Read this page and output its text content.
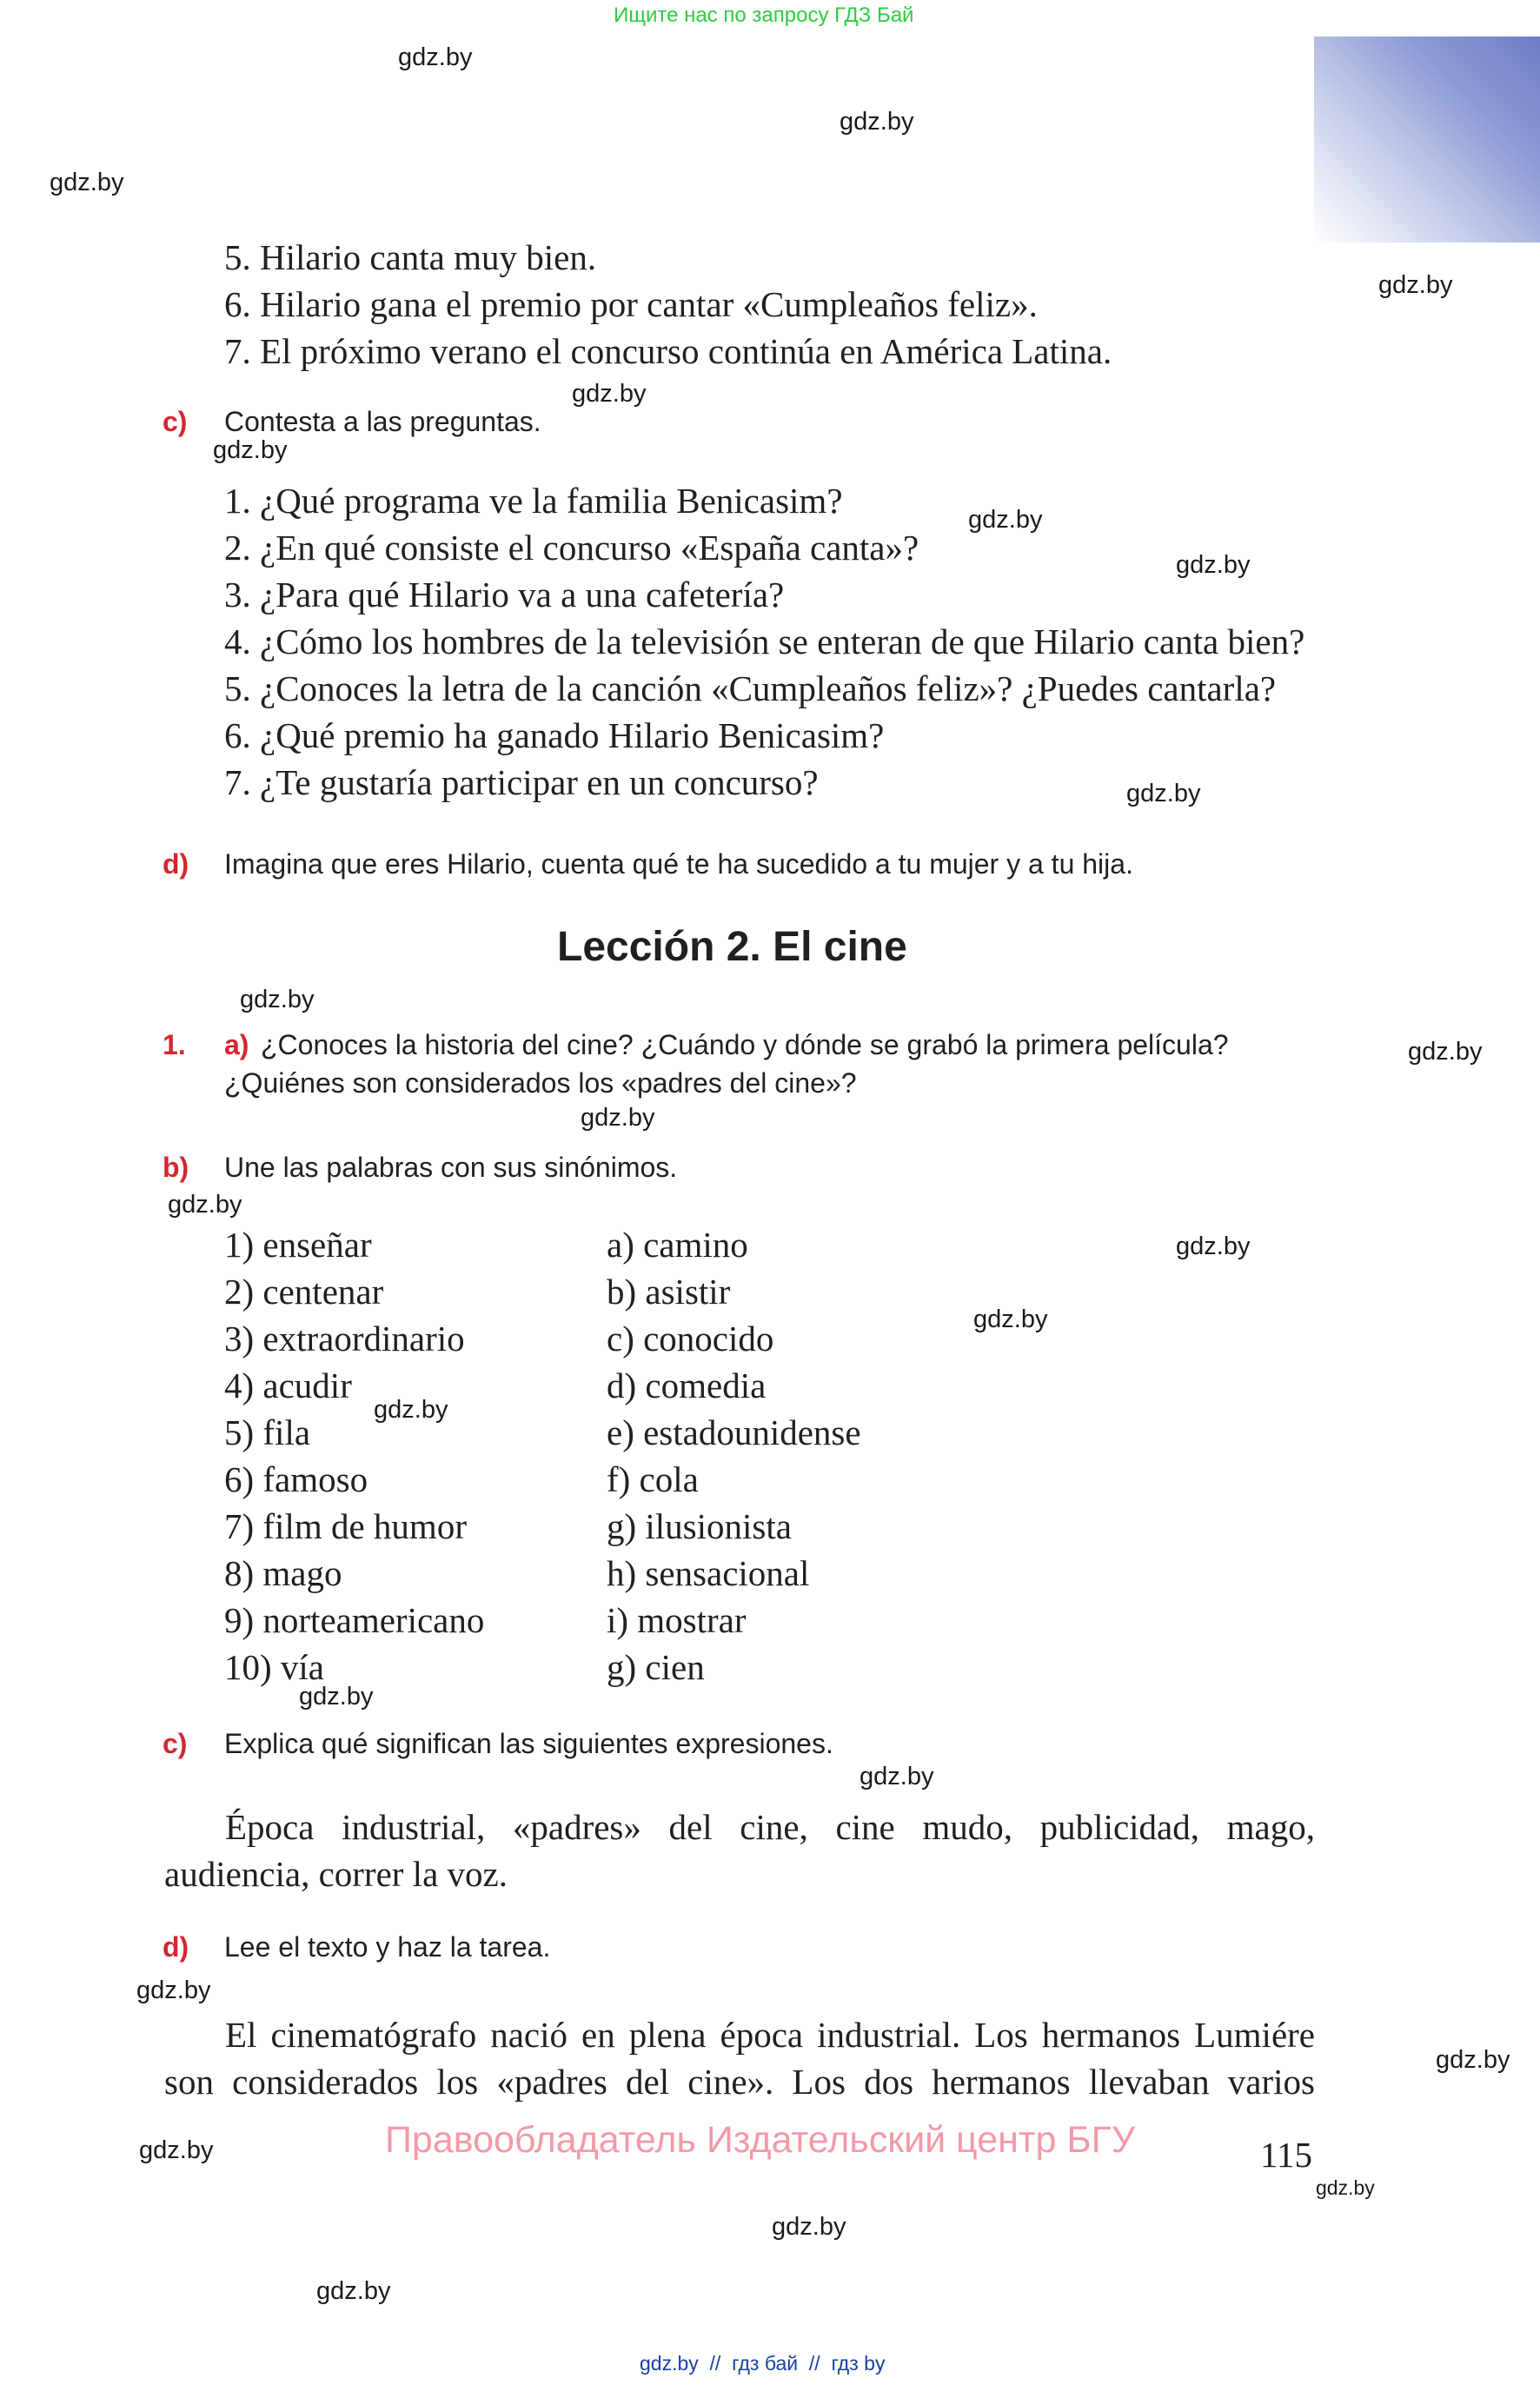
Ищите нас по запросу ГДЗ Бай
gdz.by
gdz.by
gdz.by
gdz.by
gdz.by
gdz.by
gdz.by
gdz.by
gdz.by
gdz.by
gdz.by
gdz.by
gdz.by
gdz.by
gdz.by
gdz.by
gdz.by
gdz.by
gdz.by
gdz.by
gdz.by
gdz.by
gdz.by
gdz.by
5. Hilario canta muy bien.
6. Hilario gana el premio por cantar «Cumpleaños feliz».
7. El próximo verano el concurso continúa en América Latina.
c) Contesta a las preguntas.
1. ¿Qué programa ve la familia Benicasim?
2. ¿En qué consiste el concurso «España canta»?
3. ¿Para qué Hilario va a una cafetería?
4. ¿Cómo los hombres de la televisión se enteran de que Hilario canta bien?
5. ¿Conoces la letra de la canción «Cumpleaños feliz»? ¿Puedes cantarla?
6. ¿Qué premio ha ganado Hilario Benicasim?
7. ¿Te gustaría participar en un concurso?
d) Imagina que eres Hilario, cuenta qué te ha sucedido a tu mujer y a tu hija.
Lección 2. El cine
1. a) ¿Conoces la historia del cine? ¿Cuándo y dónde se grabó la primera película?
¿Quiénes son considerados los «padres del cine»?
b) Une las palabras con sus sinónimos.
1) enseñar
2) centenar
3) extraordinario
4) acudir
5) fila
6) famoso
7) film de humor
8) mago
9) norteamericano
10) vía
a) camino
b) asistir
c) conocido
d) comedia
e) estadounidense
f) cola
g) ilusionista
h) sensacional
i) mostrar
g) cien
c) Explica qué significan las siguientes expresiones.
Época industrial, «padres» del cine, cine mudo, publicidad, mago, audiencia, correr la voz.
d) Lee el texto y haz la tarea.
El cinematógrafo nació en plena época industrial. Los hermanos Lumiére son considerados los «padres del cine». Los dos hermanos llevaban varios
Правообладатель Издательский центр БГУ	115
gdz.by  //  гдз бай  //  гдз by
